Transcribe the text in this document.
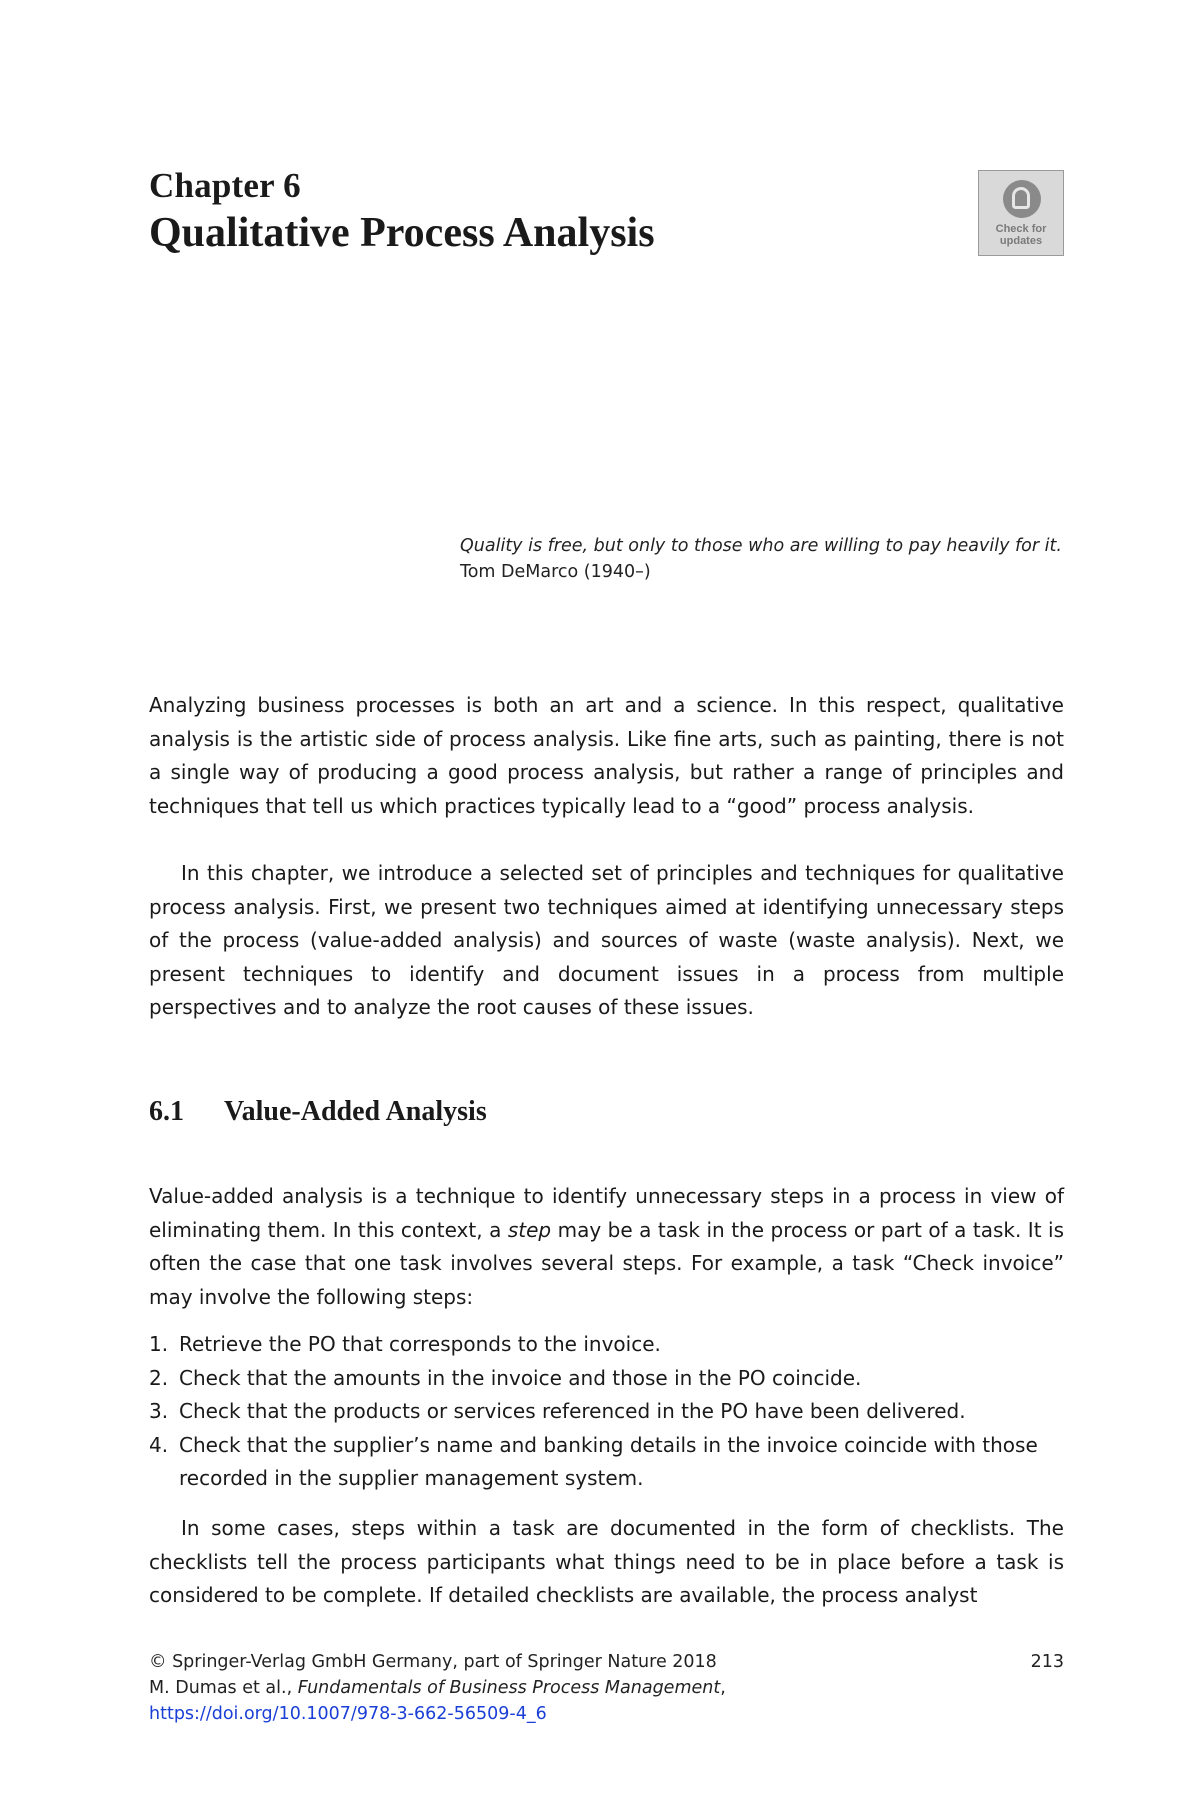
Chapter 6
Qualitative Process Analysis	Check for updates
Quality is free, but only to those who are willing to pay heavily for it.
Tom DeMarco (1940–)

Analyzing business processes is both an art and a science. In this respect, qualitative analysis is the artistic side of process analysis. Like fine arts, such as painting, there is not a single way of producing a good process analysis, but rather a range of principles and techniques that tell us which practices typically lead to a “good” process analysis.

In this chapter, we introduce a selected set of principles and techniques for qualitative process analysis. First, we present two techniques aimed at identifying unnecessary steps of the process (value-added analysis) and sources of waste (waste analysis). Next, we present techniques to identify and document issues in a process from multiple perspectives and to analyze the root causes of these issues.

6.1 Value-Added Analysis

Value-added analysis is a technique to identify unnecessary steps in a process in view of eliminating them. In this context, a step may be a task in the process or part of a task. It is often the case that one task involves several steps. For example, a task “Check invoice” may involve the following steps:

1. Retrieve the PO that corresponds to the invoice.
2. Check that the amounts in the invoice and those in the PO coincide.
3. Check that the products or services referenced in the PO have been delivered.
4. Check that the supplier’s name and banking details in the invoice coincide with those recorded in the supplier management system.

In some cases, steps within a task are documented in the form of checklists. The checklists tell the process participants what things need to be in place before a task is considered to be complete. If detailed checklists are available, the process analyst

© Springer-Verlag GmbH Germany, part of Springer Nature 2018	213
M. Dumas et al., Fundamentals of Business Process Management,
https://doi.org/10.1007/978-3-662-56509-4_6
